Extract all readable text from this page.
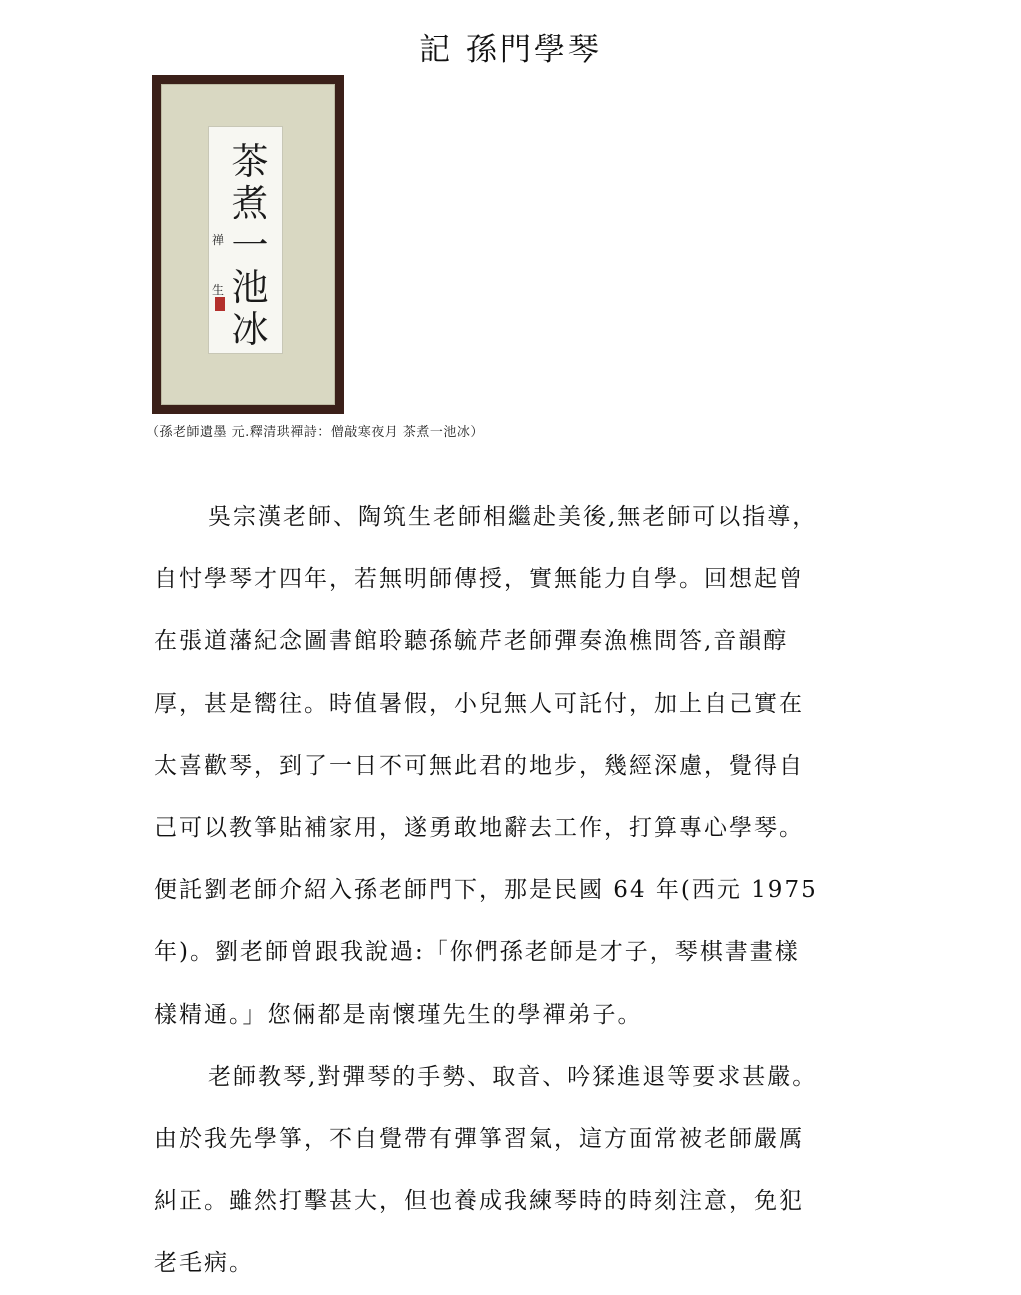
記 孫門學琴
茶
煮
一
池
冰
禅
生
（孫老師遺墨 元.釋清珙禪詩：僧敲寒夜月 茶煮一池冰）

吳宗漢老師、陶筑生老師相繼赴美後,無老師可以指導，
自忖學琴才四年，若無明師傳授，實無能力自學。回想起曾
在張道藩紀念圖書館聆聽孫毓芹老師彈奏漁樵問答,音韻醇
厚，甚是嚮往。時值暑假，小兒無人可託付，加上自己實在
太喜歡琴，到了一日不可無此君的地步，幾經深慮，覺得自
己可以教箏貼補家用，遂勇敢地辭去工作，打算專心學琴。
便託劉老師介紹入孫老師門下，那是民國 64 年(西元 1975
年)。劉老師曾跟我說過:「你們孫老師是才子，琴棋書畫樣
樣精通。」您倆都是南懷瑾先生的學禪弟子。

老師教琴,對彈琴的手勢、取音、吟猱進退等要求甚嚴。
由於我先學箏，不自覺帶有彈箏習氣，這方面常被老師嚴厲
糾正。雖然打擊甚大，但也養成我練琴時的時刻注意，免犯
老毛病。
